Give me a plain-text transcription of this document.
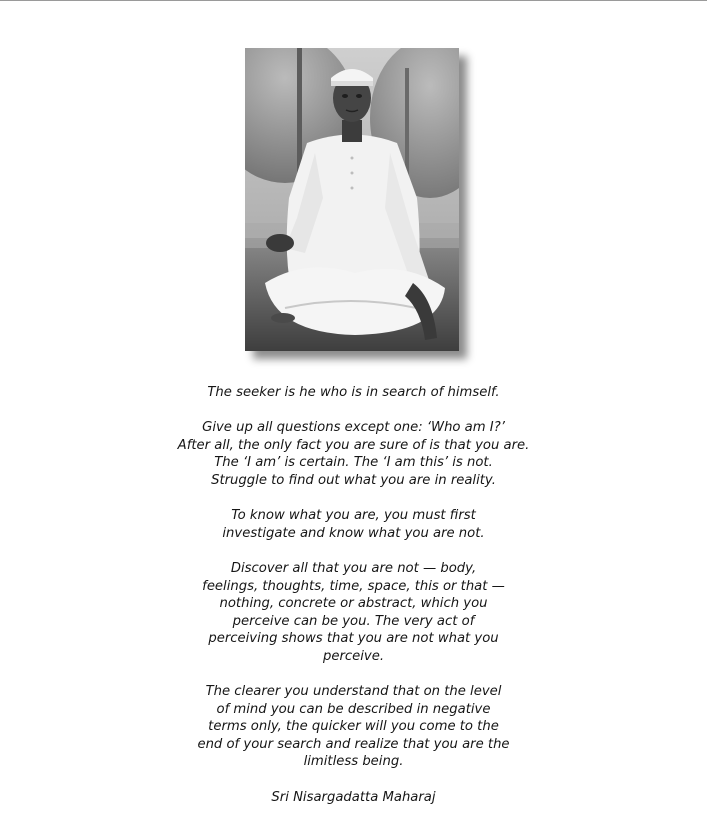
The seeker is he who is in search of himself.
Give up all questions except one: ‘Who am I?’
After all, the only fact you are sure of is that you are.
The ‘I am’ is certain. The ‘I am this’ is not.
Struggle to find out what you are in reality.
To know what you are, you must first
investigate and know what you are not.
Discover all that you are not — body,
feelings, thoughts, time, space, this or that —
nothing, concrete or abstract, which you
perceive can be you. The very act of
perceiving shows that you are not what you
perceive.
The clearer you understand that on the level
of mind you can be described in negative
terms only, the quicker will you come to the
end of your search and realize that you are the
limitless being.

Sri Nisargadatta Maharaj
